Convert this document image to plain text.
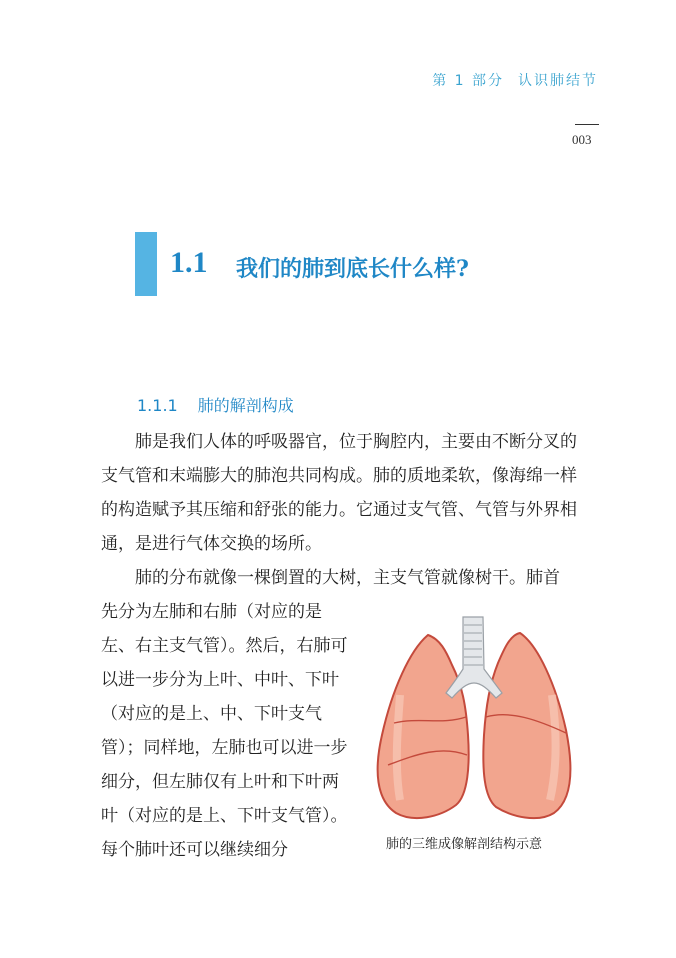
第 1 部分 认识肺结节
003
1.1 我们的肺到底长什么样?
1.1.1 肺的解剖构成

肺是我们人体的呼吸器官，位于胸腔内，主要由不断分叉的支气管和末端膨大的肺泡共同构成。肺的质地柔软，像海绵一样的构造赋予其压缩和舒张的能力。它通过支气管、气管与外界相通，是进行气体交换的场所。

肺的分布就像一棵倒置的大树，主支气管就像树干。肺首

先分为左肺和右肺（对应的是左、右主支气管）。然后，右肺可以进一步分为上叶、中叶、下叶（对应的是上、中、下叶支气管）；同样地，左肺也可以进一步细分，但左肺仅有上叶和下叶两叶（对应的是上、下叶支气管）。每个肺叶还可以继续细分	肺的三维成像解剖结构示意
